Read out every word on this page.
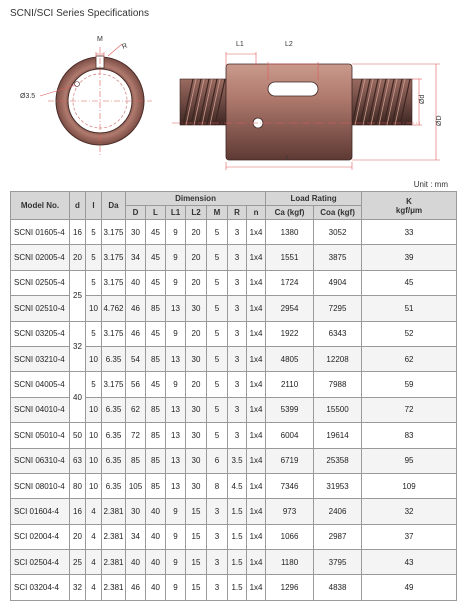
SCNI/SCI Series Specifications
M
R
Ø3.5
L1	L2
L
Ød
ØD
Unit : mm
Model No.	d	I	Da	Dimension							Load Rating		K
kgf/μm

				D	L	L1	L2	M	R	n	Ca (kgf)	Coa (kgf)	
SCNI 01605-4	16	5	3.175	30	45	9	20	5	3	1x4	1380	3052	33
SCNI 02005-4	20	5	3.175	34	45	9	20	5	3	1x4	1551	3875	39
SCNI 02505-4	25	5	3.175	40	45	9	20	5	3	1x4	1724	4904	45
SCNI 02510-4		10	4.762	46	85	13	30	5	3	1x4	2954	7295	51
SCNI 03205-4	32	5	3.175	46	45	9	20	5	3	1x4	1922	6343	52
SCNI 03210-4		10	6.35	54	85	13	30	5	3	1x4	4805	12208	62
SCNI 04005-4	40	5	3.175	56	45	9	20	5	3	1x4	2110	7988	59
SCNI 04010-4		10	6.35	62	85	13	30	5	3	1x4	5399	15500	72
SCNI 05010-4	50	10	6.35	72	85	13	30	5	3	1x4	6004	19614	83
SCNI 06310-4	63	10	6.35	85	85	13	30	6	3.5	1x4	6719	25358	95
SCNI 08010-4	80	10	6.35	105	85	13	30	8	4.5	1x4	7346	31953	109
SCI 01604-4	16	4	2.381	30	40	9	15	3	1.5	1x4	973	2406	32
SCI 02004-4	20	4	2.381	34	40	9	15	3	1.5	1x4	1066	2987	37
SCI 02504-4	25	4	2.381	40	40	9	15	3	1.5	1x4	1180	3795	43
SCI 03204-4	32	4	2.381	46	40	9	15	3	1.5	1x4	1296	4838	49
